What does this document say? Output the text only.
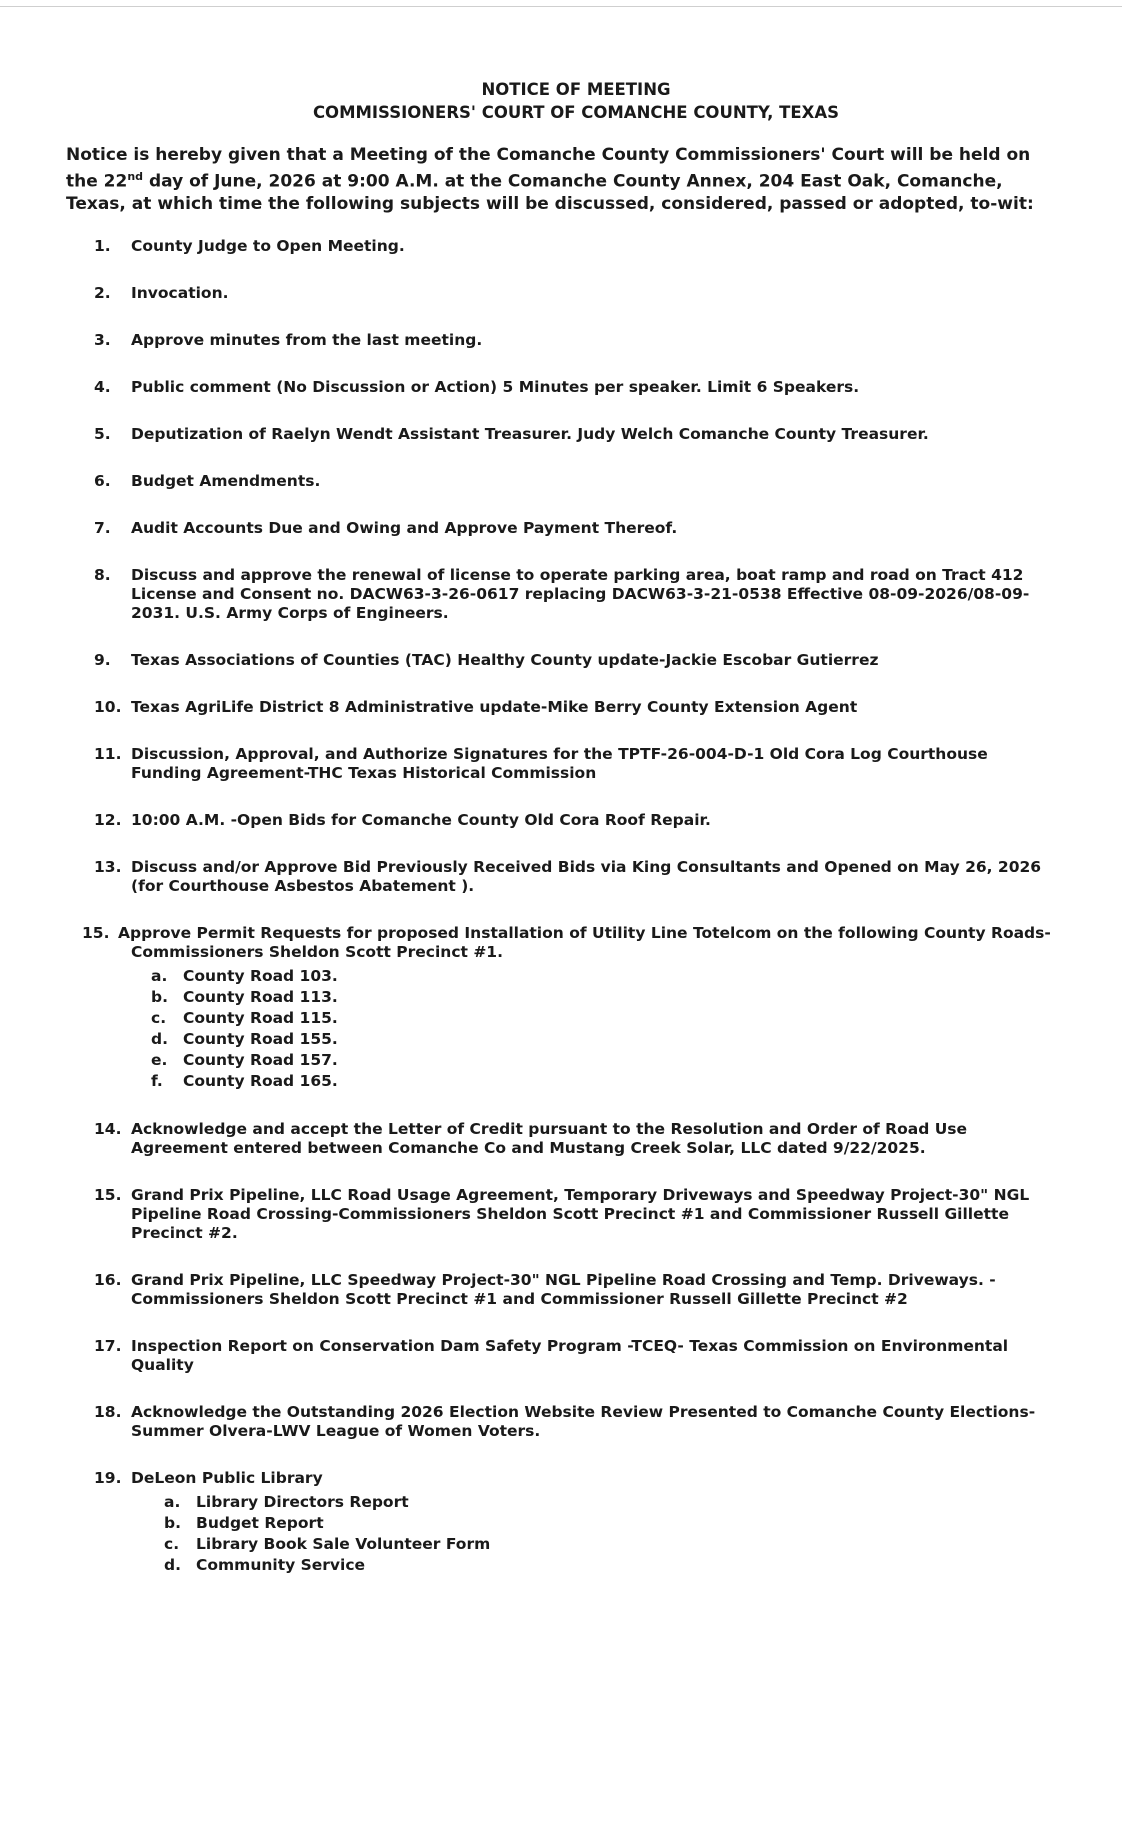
NOTICE OF MEETING
COMMISSIONERS' COURT OF COMANCHE COUNTY, TEXAS

Notice is hereby given that a Meeting of the Comanche County Commissioners' Court will be held on the 22nd day of June, 2026 at 9:00 A.M. at the Comanche County Annex, 204 East Oak, Comanche, Texas, at which time the following subjects will be discussed, considered, passed or adopted, to-wit:

1. County Judge to Open Meeting.
2. Invocation.
3. Approve minutes from the last meeting.
4. Public comment (No Discussion or Action) 5 Minutes per speaker. Limit 6 Speakers.
5. Deputization of Raelyn Wendt Assistant Treasurer. Judy Welch Comanche County Treasurer.
6. Budget Amendments.
7. Audit Accounts Due and Owing and Approve Payment Thereof.
8. Discuss and approve the renewal of license to operate parking area, boat ramp and road on Tract 412 License and Consent no. DACW63-3-26-0617 replacing DACW63-3-21-0538 Effective 08-09-2026/08-09-2031. U.S. Army Corps of Engineers.
9. Texas Associations of Counties (TAC) Healthy County update-Jackie Escobar Gutierrez
10. Texas AgriLife District 8 Administrative update-Mike Berry County Extension Agent
11. Discussion, Approval, and Authorize Signatures for the TPTF-26-004-D-1 Old Cora Log Courthouse Funding Agreement-THC Texas Historical Commission
12. 10:00 A.M. -Open Bids for Comanche County Old Cora Roof Repair.
13. Discuss and/or Approve Bid Previously Received Bids via King Consultants and Opened on May 26, 2026 (for Courthouse Asbestos Abatement ).
15. Approve Permit Requests for proposed Installation of Utility Line Totelcom on the following County Roads-
Commissioners Sheldon Scott Precinct #1.
a. County Road 103.
b. County Road 113.
c. County Road 115.
d. County Road 155.
e. County Road 157.
f. County Road 165.
14. Acknowledge and accept the Letter of Credit pursuant to the Resolution and Order of Road Use Agreement entered between Comanche Co and Mustang Creek Solar, LLC dated 9/22/2025.
15. Grand Prix Pipeline, LLC Road Usage Agreement, Temporary Driveways and Speedway Project-30" NGL Pipeline Road Crossing-Commissioners Sheldon Scott Precinct #1 and Commissioner Russell Gillette Precinct #2.
16. Grand Prix Pipeline, LLC Speedway Project-30" NGL Pipeline Road Crossing and Temp. Driveways. - Commissioners Sheldon Scott Precinct #1 and Commissioner Russell Gillette Precinct #2
17. Inspection Report on Conservation Dam Safety Program -TCEQ- Texas Commission on Environmental Quality
18. Acknowledge the Outstanding 2026 Election Website Review Presented to Comanche County Elections-Summer Olvera-LWV League of Women Voters.
19. DeLeon Public Library
a. Library Directors Report
b. Budget Report
c. Library Book Sale Volunteer Form
d. Community Service
